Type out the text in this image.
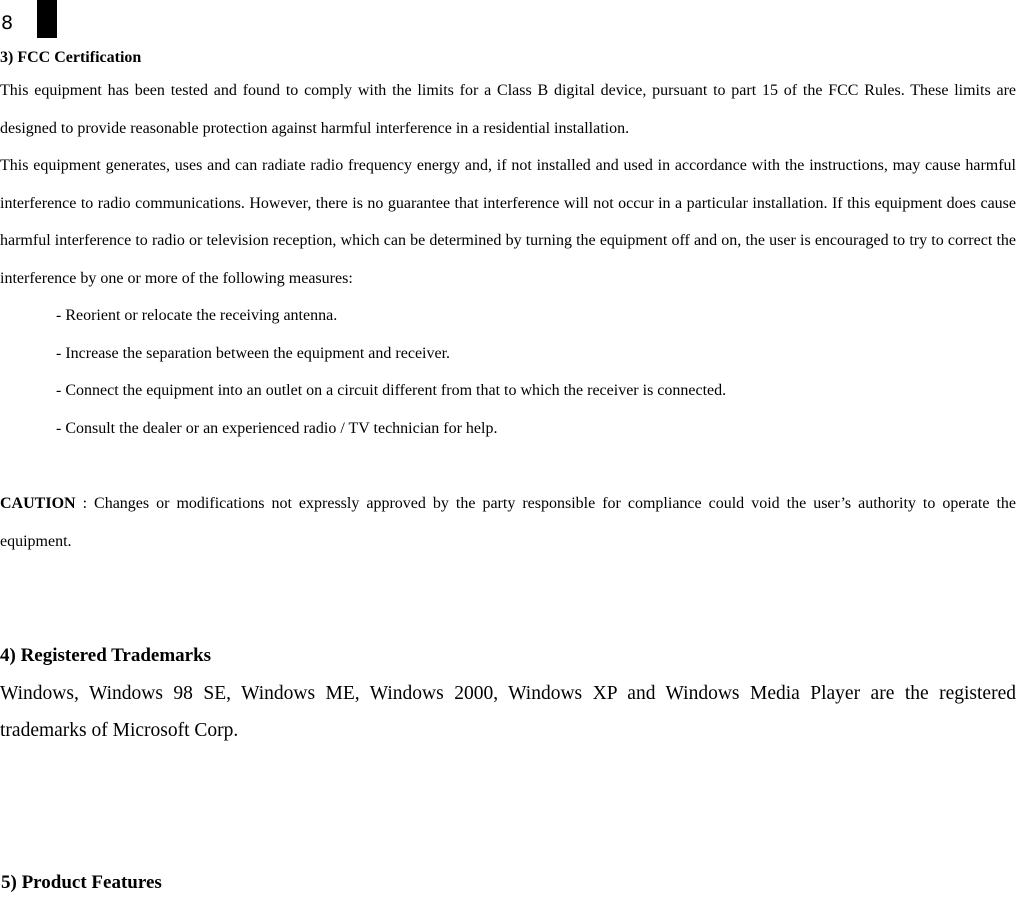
8
3) FCC Certification

This equipment has been tested and found to comply with the limits for a Class B digital device, pursuant to part 15 of the FCC Rules. These limits are designed to provide reasonable protection against harmful interference in a residential installation.

This equipment generates, uses and can radiate radio frequency energy and, if not installed and used in accordance with the instructions, may cause harmful interference to radio communications. However, there is no guarantee that interference will not occur in a particular installation. If this equipment does cause harmful interference to radio or television reception, which can be determined by turning the equipment off and on, the user is encouraged to try to correct the interference by one or more of the following measures:

- Reorient or relocate the receiving antenna.
- Increase the separation between the equipment and receiver.
- Connect the equipment into an outlet on a circuit different from that to which the receiver is connected.
- Consult the dealer or an experienced radio / TV technician for help.

CAUTION : Changes or modifications not expressly approved by the party responsible for compliance could void the user’s authority to operate the equipment.

4) Registered Trademarks

Windows, Windows 98 SE, Windows ME, Windows 2000, Windows XP and Windows Media Player are the registered trademarks of Microsoft Corp.

5) Product Features
